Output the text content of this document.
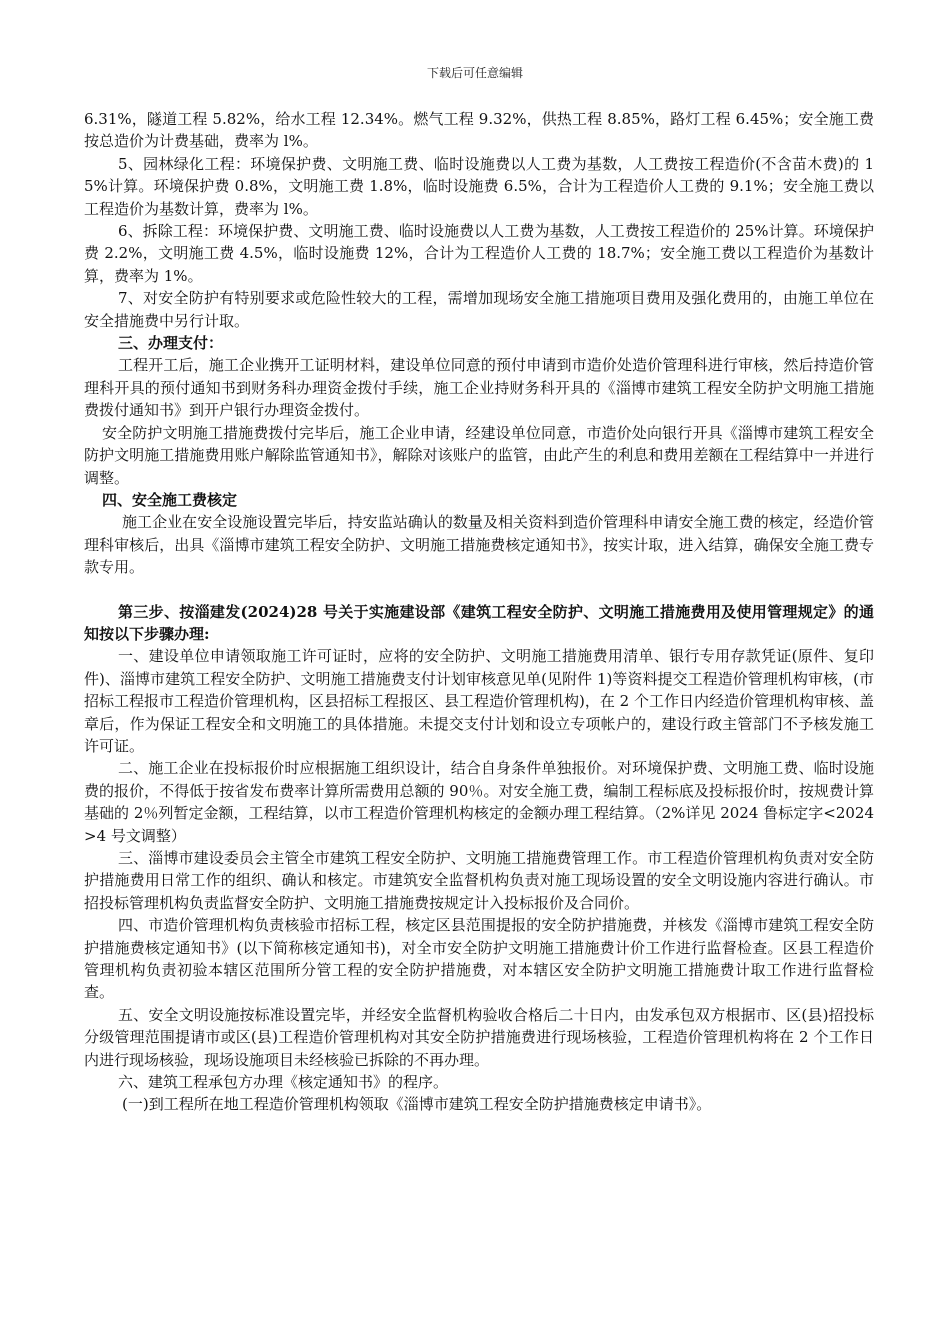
下载后可任意编辑

6.31%，隧道工程 5.82%，给水工程 12.34%。燃气工程 9.32%，供热工程 8.85%，路灯工程 6.45%；安全施工费按总造价为计费基础，费率为 l%。

5、园林绿化工程：环境保护费、文明施工费、临时设施费以人工费为基数，人工费按工程造价(不含苗木费)的 15%计算。环境保护费 0.8%，文明施工费 1.8%，临时设施费 6.5%，合计为工程造价人工费的 9.1%；安全施工费以工程造价为基数计算，费率为 l%。

6、拆除工程：环境保护费、文明施工费、临时设施费以人工费为基数，人工费按工程造价的 25%计算。环境保护费 2.2%，文明施工费 4.5%，临时设施费 12%，合计为工程造价人工费的 18.7%；安全施工费以工程造价为基数计算，费率为 1%。

7、对安全防护有特别要求或危险性较大的工程，需增加现场安全施工措施项目费用及强化费用的，由施工单位在安全措施费中另行计取。

三、办理支付：

工程开工后，施工企业携开工证明材料，建设单位同意的预付申请到市造价处造价管理科进行审核，然后持造价管理科开具的预付通知书到财务科办理资金拨付手续，施工企业持财务科开具的《淄博市建筑工程安全防护文明施工措施费拨付通知书》到开户银行办理资金拨付。

安全防护文明施工措施费拨付完毕后，施工企业申请，经建设单位同意，市造价处向银行开具《淄博市建筑工程安全防护文明施工措施费用账户解除监管通知书》，解除对该账户的监管，由此产生的利息和费用差额在工程结算中一并进行调整。

四、安全施工费核定

施工企业在安全设施设置完毕后，持安监站确认的数量及相关资料到造价管理科申请安全施工费的核定，经造价管理科审核后，出具《淄博市建筑工程安全防护、文明施工措施费核定通知书》，按实计取，进入结算，确保安全施工费专款专用。

第三步、按淄建发(2024)28 号关于实施建设部《建筑工程安全防护、文明施工措施费用及使用管理规定》的通知按以下步骤办理:

一、建设单位申请领取施工许可证时，应将的安全防护、文明施工措施费用清单、银行专用存款凭证(原件、复印件)、淄博市建筑工程安全防护、文明施工措施费支付计划审核意见单(见附件 1)等资料提交工程造价管理机构审核，(市招标工程报市工程造价管理机构，区县招标工程报区、县工程造价管理机构)，在 2 个工作日内经造价管理机构审核、盖章后，作为保证工程安全和文明施工的具体措施。未提交支付计划和设立专项帐户的，建设行政主管部门不予核发施工许可证。

二、施工企业在投标报价时应根据施工组织设计，结合自身条件单独报价。对环境保护费、文明施工费、临时设施费的报价，不得低于按省发布费率计算所需费用总额的 90％。对安全施工费，编制工程标底及投标报价时，按规费计算基础的 2％列暂定金额，工程结算，以市工程造价管理机构核定的金额办理工程结算。（2%详见 2024 鲁标定字<2024>4 号文调整）

三、淄博市建设委员会主管全市建筑工程安全防护、文明施工措施费管理工作。市工程造价管理机构负责对安全防护措施费用日常工作的组织、确认和核定。市建筑安全监督机构负责对施工现场设置的安全文明设施内容进行确认。市招投标管理机构负责监督安全防护、文明施工措施费按规定计入投标报价及合同价。

四、市造价管理机构负责核验市招标工程，核定区县范围提报的安全防护措施费，并核发《淄博市建筑工程安全防护措施费核定通知书》(以下简称核定通知书)，对全市安全防护文明施工措施费计价工作进行监督检查。区县工程造价管理机构负责初验本辖区范围所分管工程的安全防护措施费，对本辖区安全防护文明施工措施费计取工作进行监督检查。

五、安全文明设施按标准设置完毕，并经安全监督机构验收合格后二十日内，由发承包双方根据市、区(县)招投标分级管理范围提请市或区(县)工程造价管理机构对其安全防护措施费进行现场核验，工程造价管理机构将在 2 个工作日内进行现场核验，现场设施项目未经核验已拆除的不再办理。

六、建筑工程承包方办理《核定通知书》的程序。

(一)到工程所在地工程造价管理机构领取《淄博市建筑工程安全防护措施费核定申请书》。
